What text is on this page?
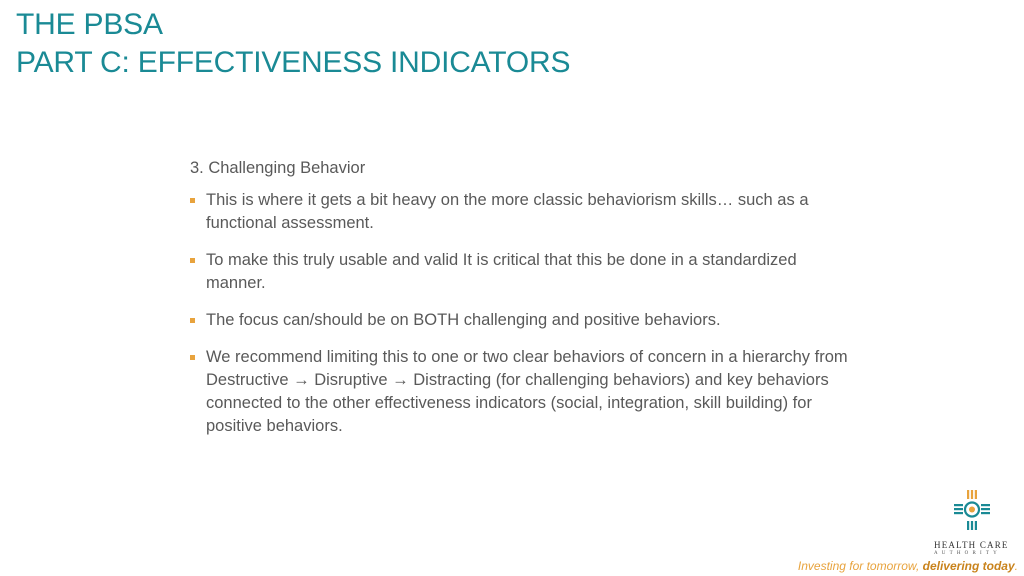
THE PBSA
PART C: EFFECTIVENESS INDICATORS

3. Challenging Behavior

This is where it gets a bit heavy on the more classic behaviorism skills… such as a functional assessment.
To make this truly usable and valid It is critical that this be done in a standardized manner.
The focus can/should be on BOTH challenging and positive behaviors.
We recommend limiting this to one or two clear behaviors of concern in a hierarchy from Destructive → Disruptive → Distracting (for challenging behaviors) and key behaviors connected to the other effectiveness indicators (social, integration, skill building) for positive behaviors.
HEALTH CARE
AUTHORITY
Investing for tomorrow, delivering today.
